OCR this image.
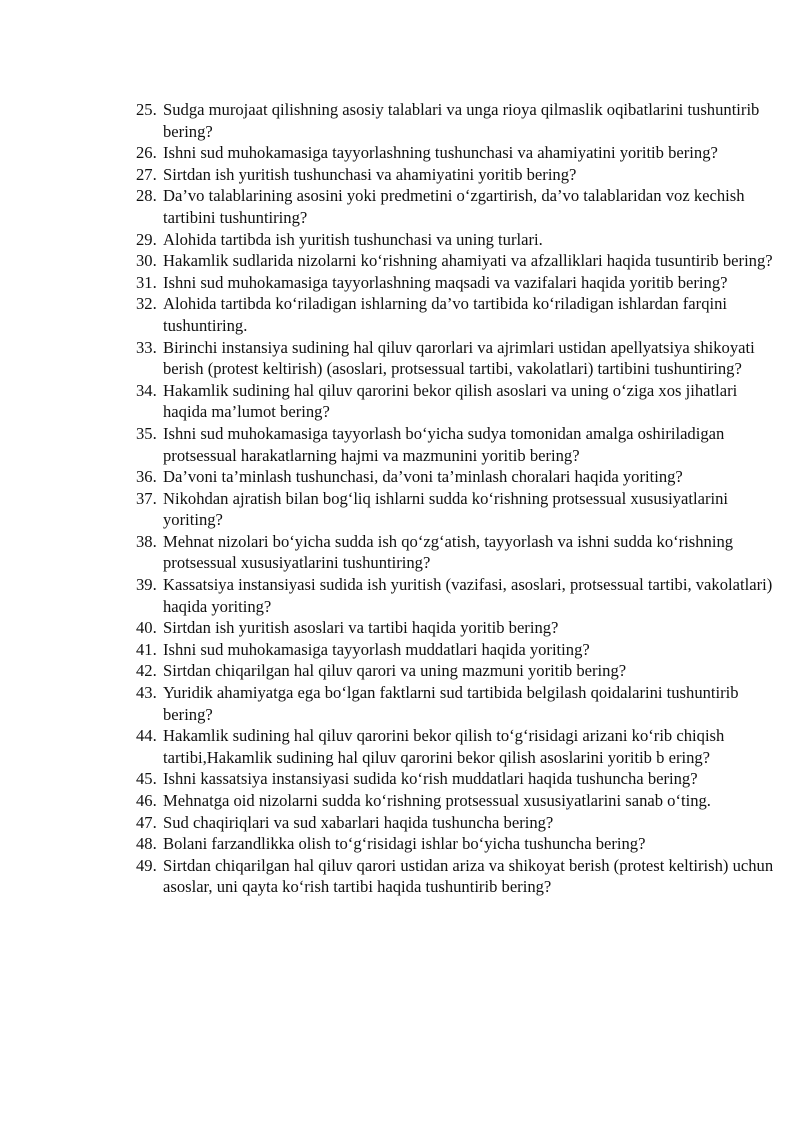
25. Sudga murojaat qilishning asosiy talablari va unga rioya qilmaslik oqibatlarini tushuntirib bering?
26. Ishni sud muhokamasiga tayyorlashning tushunchasi va ahamiyatini yoritib bering?
27. Sirtdan ish yuritish tushunchasi va ahamiyatini yoritib bering?
28. Da’vo talablarining asosini yoki predmetini o‘zgartirish, da’vo talablaridan voz kechish tartibini tushuntiring?
29. Alohida tartibda ish yuritish tushunchasi va uning turlari.
30. Hakamlik sudlarida nizolarni ko‘rishning ahamiyati va afzalliklari haqida tusuntirib bering?
31. Ishni sud muhokamasiga tayyorlashning maqsadi va vazifalari haqida yoritib bering?
32. Alohida tartibda ko‘riladigan ishlarning da’vo tartibida ko‘riladigan ishlardan farqini tushuntiring.
33. Birinchi instansiya sudining hal qiluv qarorlari va ajrimlari ustidan apellyatsiya shikoyati berish (protest keltirish) (asoslari, protsessual tartibi, vakolatlari) tartibini tushuntiring?
34. Hakamlik sudining hal qiluv qarorini bekor qilish asoslari va uning o‘ziga xos jihatlari haqida ma’lumot bering?
35. Ishni sud muhokamasiga tayyorlash bo‘yicha sudya tomonidan amalga oshiriladigan protsessual harakatlarning hajmi va mazmunini yoritib bering?
36. Da’voni ta’minlash tushunchasi, da’voni ta’minlash choralari haqida yoriting?
37. Nikohdan ajratish bilan bog‘liq ishlarni sudda ko‘rishning protsessual xususiyatlarini yoriting?
38. Mehnat nizolari bo‘yicha sudda ish qo‘zg‘atish, tayyorlash va ishni sudda ko‘rishning protsessual xususiyatlarini tushuntiring?
39. Kassatsiya instansiyasi sudida ish yuritish (vazifasi, asoslari, protsessual tartibi, vakolatlari) haqida yoriting?
40. Sirtdan ish yuritish asoslari va tartibi haqida yoritib bering?
41. Ishni sud muhokamasiga tayyorlash muddatlari haqida yoriting?
42. Sirtdan chiqarilgan hal qiluv qarori va uning mazmuni yoritib bering?
43. Yuridik ahamiyatga ega bo‘lgan faktlarni sud tartibida belgilash qoidalarini tushuntirib bering?
44. Hakamlik sudining hal qiluv qarorini bekor qilish to‘g‘risidagi arizani ko‘rib chiqish tartibi,Hakamlik sudining hal qiluv qarorini bekor qilish asoslarini yoritib b ering?
45. Ishni kassatsiya instansiyasi sudida ko‘rish muddatlari haqida tushuncha bering?
46. Mehnatga oid nizolarni sudda ko‘rishning protsessual xususiyatlarini sanab o‘ting.
47. Sud chaqiriqlari va sud xabarlari haqida tushuncha bering?
48. Bolani farzandlikka olish to‘g‘risidagi ishlar bo‘yicha tushuncha bering?
49. Sirtdan chiqarilgan hal qiluv qarori ustidan ariza va shikoyat berish (protest keltirish) uchun asoslar, uni qayta ko‘rish tartibi haqida tushuntirib bering?
